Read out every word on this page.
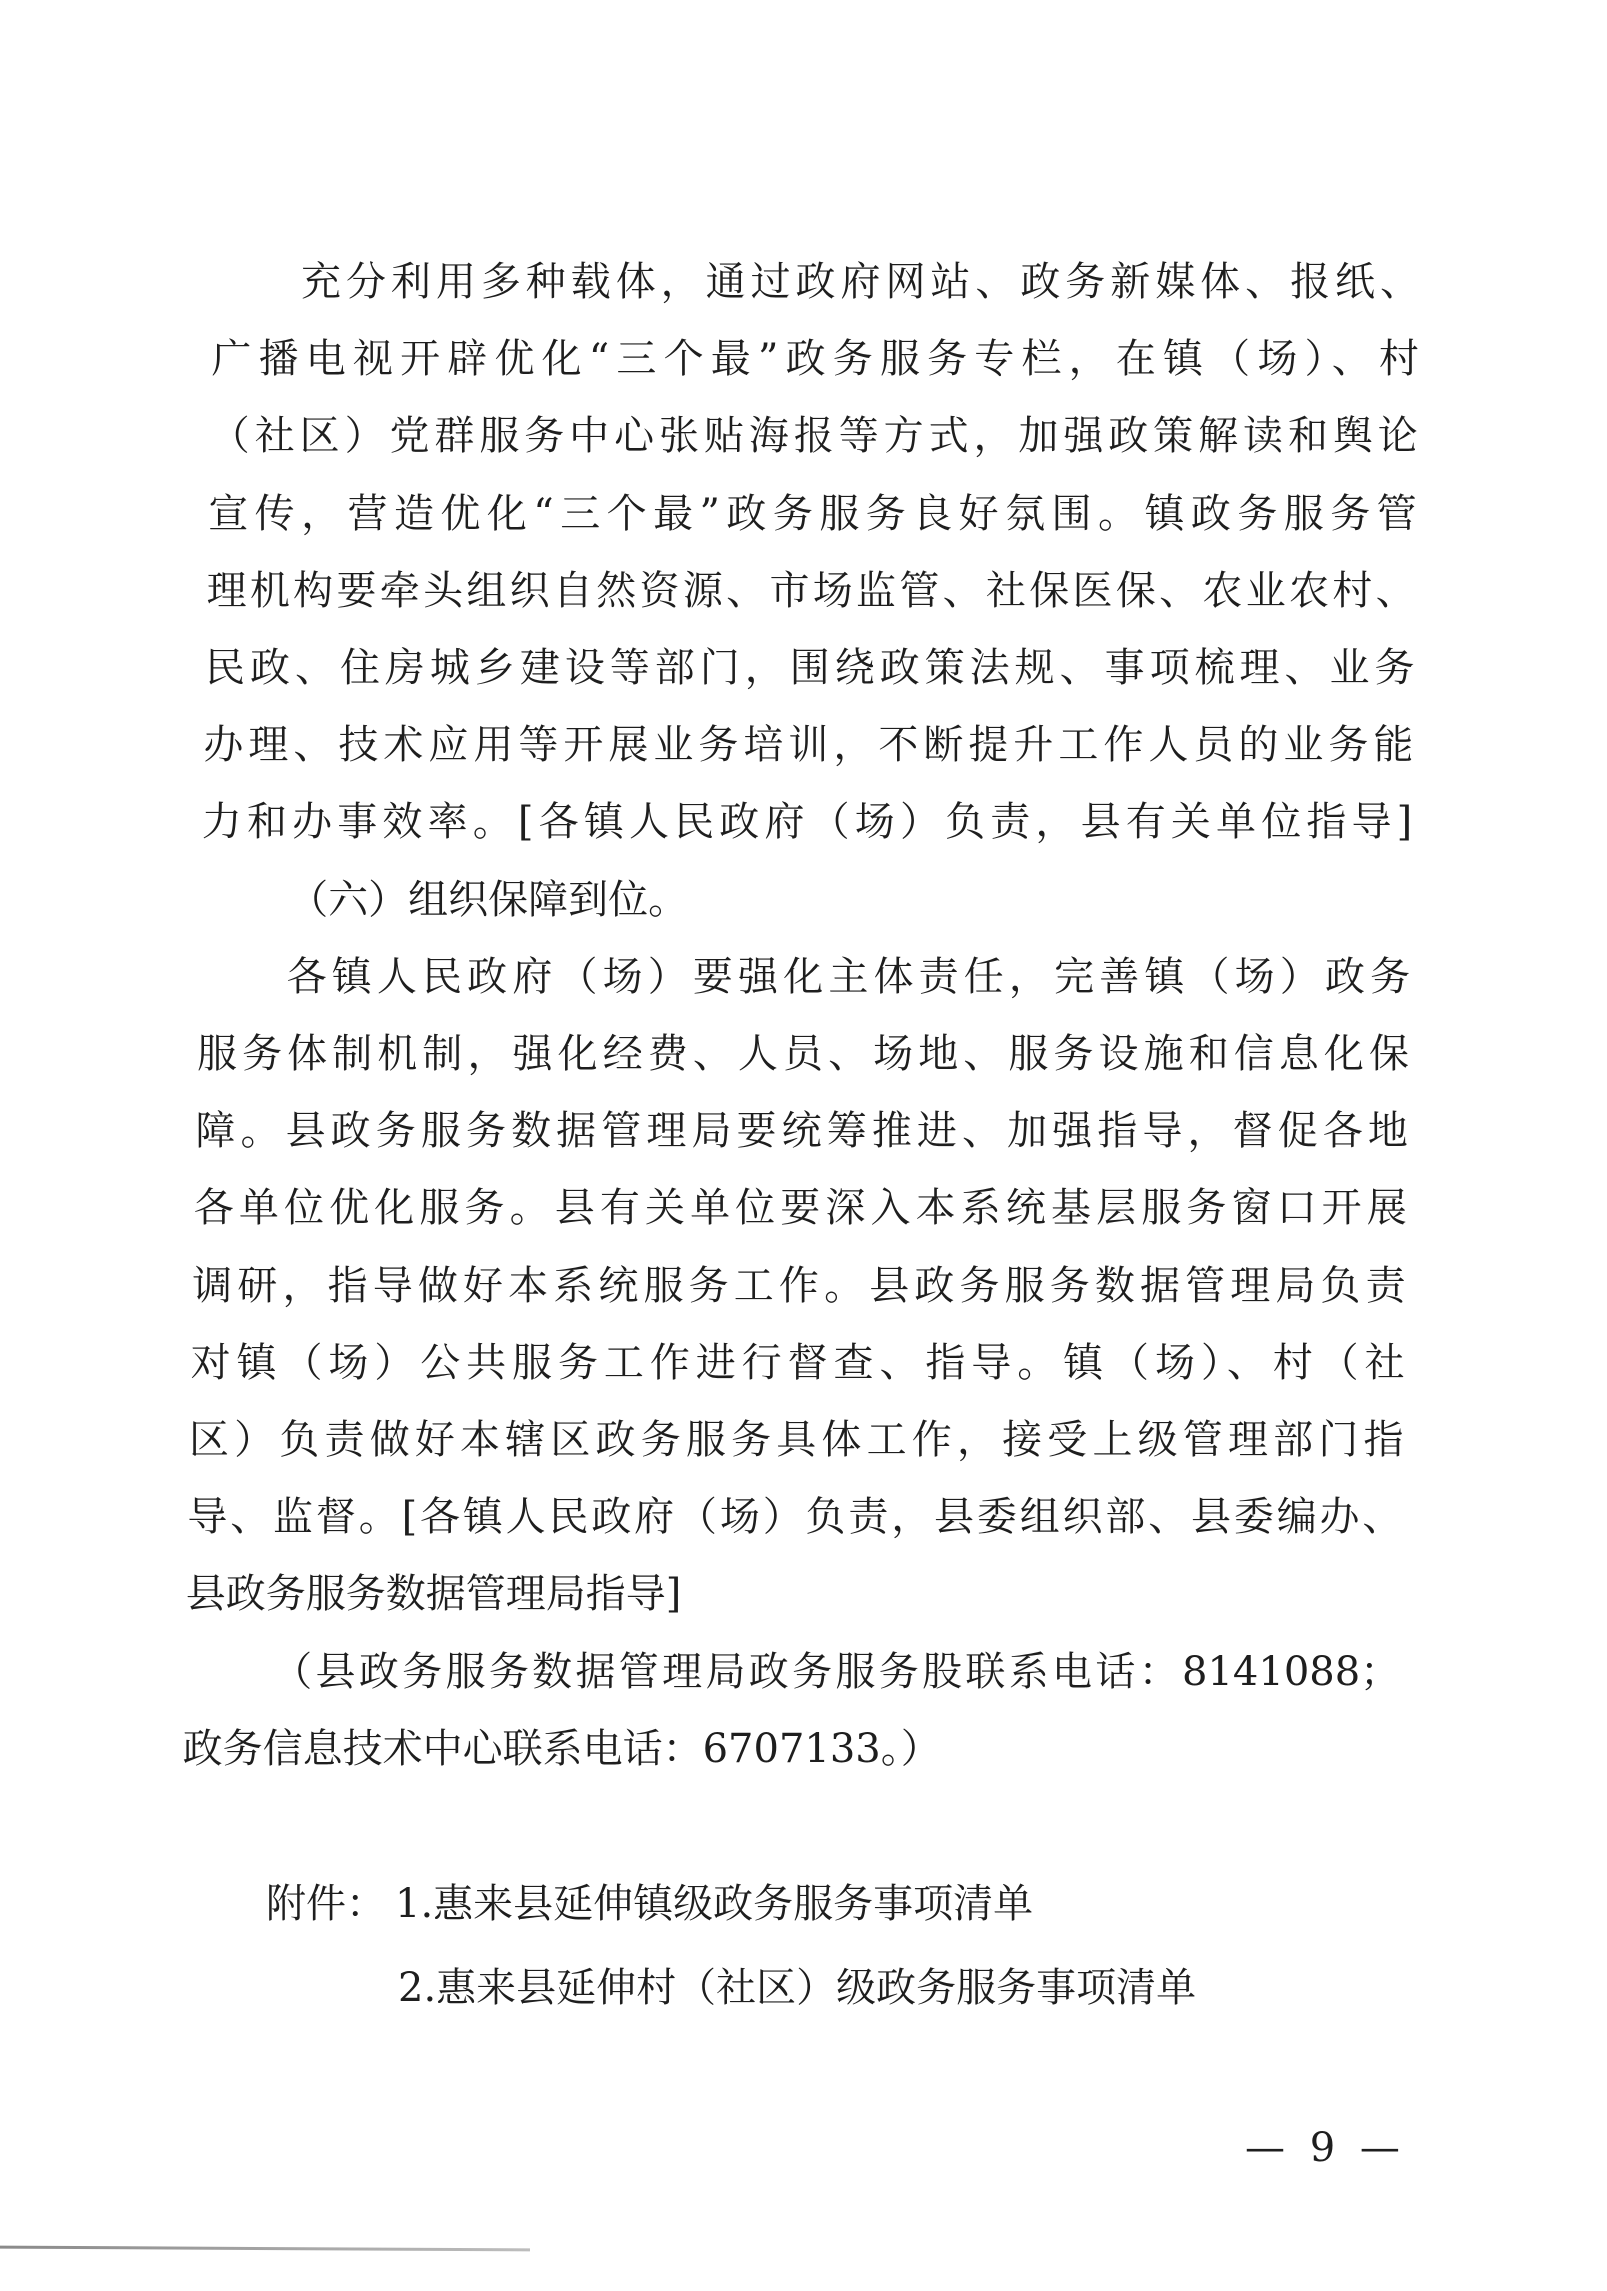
充分利用多种载体，通过政府网站、政务新媒体、报纸、
广播电视开辟优化“三个最”政务服务专栏，在镇（场）、村
（社区）党群服务中心张贴海报等方式，加强政策解读和舆论
宣传，营造优化“三个最”政务服务良好氛围。镇政务服务管
理机构要牵头组织自然资源、市场监管、社保医保、农业农村、
民政、住房城乡建设等部门，围绕政策法规、事项梳理、业务
办理、技术应用等开展业务培训，不断提升工作人员的业务能
力和办事效率。[各镇人民政府（场）负责，县有关单位指导]
（六）组织保障到位。
各镇人民政府（场）要强化主体责任，完善镇（场）政务
服务体制机制，强化经费、人员、场地、服务设施和信息化保
障。县政务服务数据管理局要统筹推进、加强指导，督促各地
各单位优化服务。县有关单位要深入本系统基层服务窗口开展
调研，指导做好本系统服务工作。县政务服务数据管理局负责
对镇（场）公共服务工作进行督查、指导。镇（场）、村（社
区）负责做好本辖区政务服务具体工作，接受上级管理部门指
导、监督。[各镇人民政府（场）负责，县委组织部、县委编办、
县政务服务数据管理局指导]
（县政务服务数据管理局政务服务股联系电话：8141088；
政务信息技术中心联系电话：6707133。）
附件： 1.惠来县延伸镇级政务服务事项清单
2.惠来县延伸村（社区）级政务服务事项清单
— 9 —
